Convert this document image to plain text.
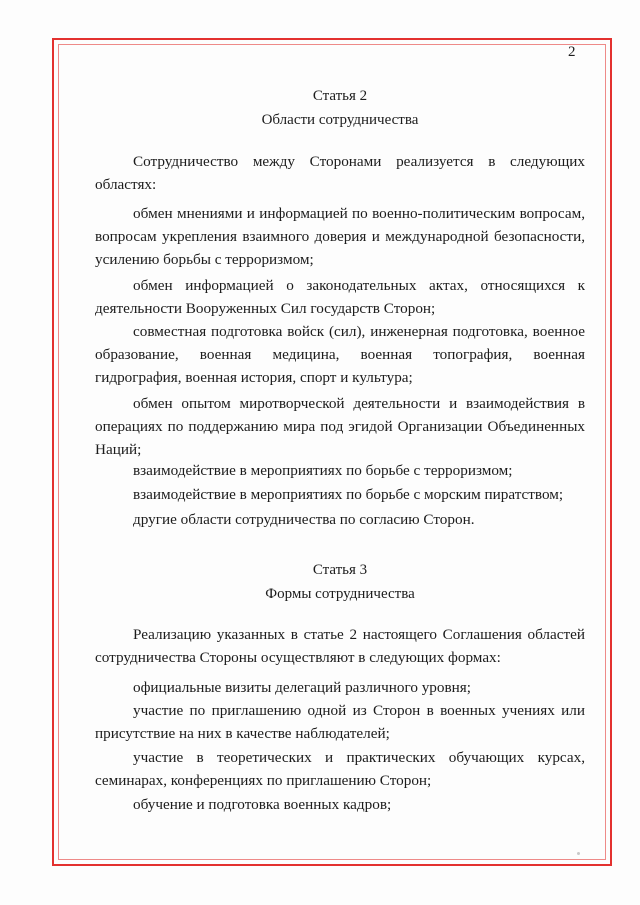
2
Статья 2
Области сотрудничества
Сотрудничество между Сторонами реализуется в следующих
областях:
обмен мнениями и информацией по военно-политическим вопросам,
вопросам укрепления взаимного доверия и международной безопасности,
усилению борьбы с терроризмом;
обмен информацией о законодательных актах, относящихся к
деятельности Вооруженных Сил государств Сторон;
совместная подготовка войск (сил), инженерная подготовка, военное
образование, военная медицина, военная топография, военная
гидрография, военная история, спорт и культура;
обмен опытом миротворческой деятельности и взаимодействия в
операциях по поддержанию мира под эгидой Организации Объединенных
Наций;
взаимодействие в мероприятиях по борьбе с терроризмом;
взаимодействие в мероприятиях по борьбе с морским пиратством;
другие области сотрудничества по согласию Сторон.
Статья 3
Формы сотрудничества
Реализацию указанных в статье 2 настоящего Соглашения областей
сотрудничества Стороны осуществляют в следующих формах:
официальные визиты делегаций различного уровня;
участие по приглашению одной из Сторон в военных учениях или
присутствие на них в качестве наблюдателей;
участие в теоретических и практических обучающих курсах,
семинарах, конференциях по приглашению Сторон;
обучение и подготовка военных кадров;
